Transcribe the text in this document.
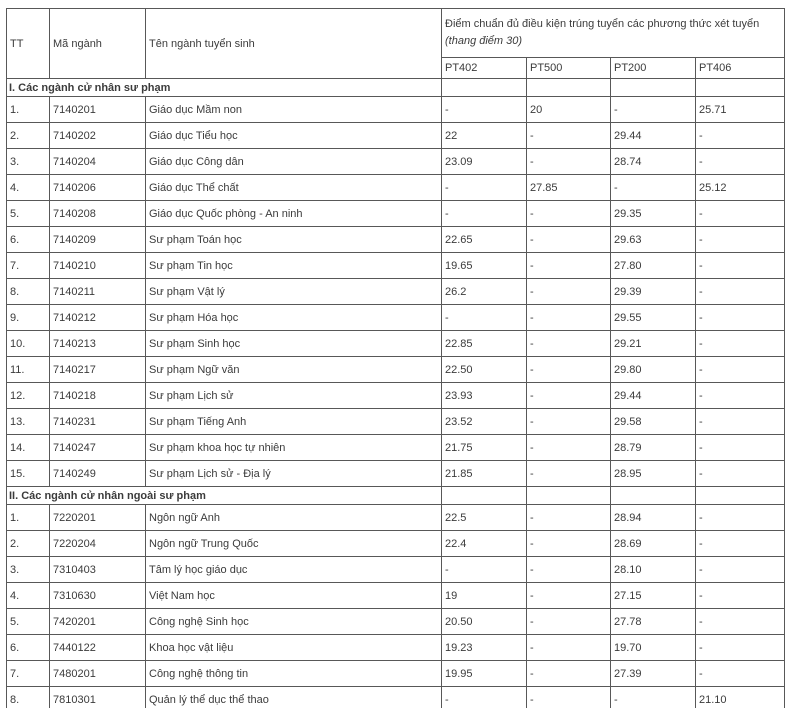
TT	Mã ngành	Tên ngành tuyển sinh	Điểm chuẩn đủ điều kiện trúng tuyển các phương thức xét tuyển
(thang điểm 30)			

			PT402	PT500	PT200	PT406
I. Các ngành cử nhân sư phạm						
1.	7140201	Giáo dục Mầm non	-	20	-	25.71
2.	7140202	Giáo dục Tiểu học	22	-	29.44	-
3.	7140204	Giáo dục Công dân	23.09	-	28.74	-
4.	7140206	Giáo dục Thể chất	-	27.85	-	25.12
5.	7140208	Giáo dục Quốc phòng - An ninh	-	-	29.35	-
6.	7140209	Sư phạm Toán học	22.65	-	29.63	-
7.	7140210	Sư phạm Tin học	19.65	-	27.80	-
8.	7140211	Sư phạm Vật lý	26.2	-	29.39	-
9.	7140212	Sư phạm Hóa học	-	-	29.55	-
10.	7140213	Sư phạm Sinh học	22.85	-	29.21	-
11.	7140217	Sư phạm Ngữ văn	22.50	-	29.80	-
12.	7140218	Sư phạm Lịch sử	23.93	-	29.44	-
13.	7140231	Sư phạm Tiếng Anh	23.52	-	29.58	-
14.	7140247	Sư phạm khoa học tự nhiên	21.75	-	28.79	-
15.	7140249	Sư phạm Lịch sử - Địa lý	21.85	-	28.95	-
II. Các ngành cử nhân ngoài sư phạm						
1.	7220201	Ngôn ngữ Anh	22.5	-	28.94	-
2.	7220204	Ngôn ngữ Trung Quốc	22.4	-	28.69	-
3.	7310403	Tâm lý học giáo dục	-	-	28.10	-
4.	7310630	Việt Nam học	19	-	27.15	-
5.	7420201	Công nghệ Sinh học	20.50	-	27.78	-
6.	7440122	Khoa học vật liệu	19.23	-	19.70	-
7.	7480201	Công nghệ thông tin	19.95	-	27.39	-
8.	7810301	Quản lý thể dục thể thao	-	-	-	21.10
